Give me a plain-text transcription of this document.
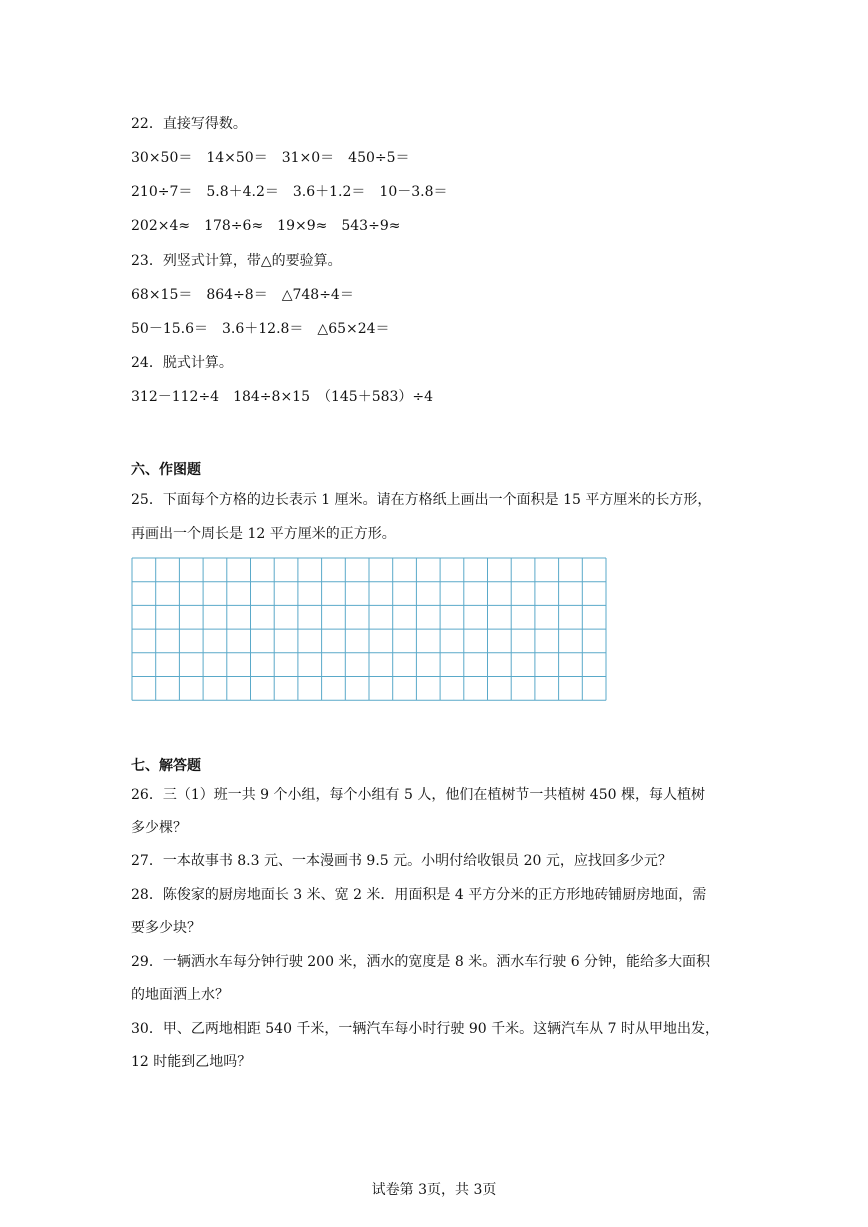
22．直接写得数。
30×50＝　14×50＝　31×0＝　450÷5＝
210÷7＝　5.8＋4.2＝　3.6＋1.2＝　10－3.8＝
202×4≈　178÷6≈　19×9≈　543÷9≈
23．列竖式计算，带△的要验算。
68×15＝　864÷8＝　△748÷4＝
50－15.6＝　3.6＋12.8＝　△65×24＝
24．脱式计算。
312－112÷4　184÷8×15　（145＋583）÷4
六、作图题
25．下面每个方格的边长表示 1 厘米。请在方格纸上画出一个面积是 15 平方厘米的长方形，
再画出一个周长是 12 平方厘米的正方形。
七、解答题
26．三（1）班一共 9 个小组，每个小组有 5 人，他们在植树节一共植树 450 棵，每人植树
多少棵？
27．一本故事书 8.3 元、一本漫画书 9.5 元。小明付给收银员 20 元，应找回多少元？
28．陈俊家的厨房地面长 3 米、宽 2 米．用面积是 4 平方分米的正方形地砖铺厨房地面，需
要多少块？
29．一辆洒水车每分钟行驶 200 米，洒水的宽度是 8 米。洒水车行驶 6 分钟，能给多大面积
的地面洒上水？
30．甲、乙两地相距 540 千米，一辆汽车每小时行驶 90 千米。这辆汽车从 7 时从甲地出发，
12 时能到乙地吗？
试卷第 3页，共 3页
